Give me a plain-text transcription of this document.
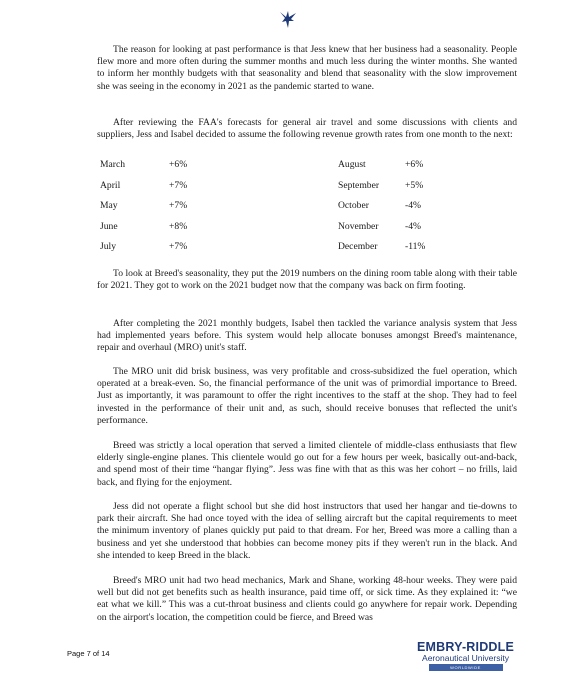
The reason for looking at past performance is that Jess knew that her business had a seasonality. People flew more and more often during the summer months and much less during the winter months. She wanted to inform her monthly budgets with that seasonality and blend that seasonality with the slow improvement she was seeing in the economy in 2021 as the pandemic started to wane.

After reviewing the FAA's forecasts for general air travel and some discussions with clients and suppliers, Jess and Isabel decided to assume the following revenue growth rates from one month to the next:

March	+6%	August	+6%
April	+7%	September	+5%
May	+7%	October	-4%
June	+8%	November	-4%
July	+7%	December	-11%

To look at Breed's seasonality, they put the 2019 numbers on the dining room table along with their table for 2021. They got to work on the 2021 budget now that the company was back on firm footing.

After completing the 2021 monthly budgets, Isabel then tackled the variance analysis system that Jess had implemented years before. This system would help allocate bonuses amongst Breed's maintenance, repair and overhaul (MRO) unit's staff.

The MRO unit did brisk business, was very profitable and cross-subsidized the fuel operation, which operated at a break-even. So, the financial performance of the unit was of primordial importance to Breed. Just as importantly, it was paramount to offer the right incentives to the staff at the shop. They had to feel invested in the performance of their unit and, as such, should receive bonuses that reflected the unit's performance.

Breed was strictly a local operation that served a limited clientele of middle-class enthusiasts that flew elderly single-engine planes. This clientele would go out for a few hours per week, basically out-and-back, and spend most of their time “hangar flying”. Jess was fine with that as this was her cohort – no frills, laid back, and flying for the enjoyment.

Jess did not operate a flight school but she did host instructors that used her hangar and tie-downs to park their aircraft. She had once toyed with the idea of selling aircraft but the capital requirements to meet the minimum inventory of planes quickly put paid to that dream. For her, Breed was more a calling than a business and yet she understood that hobbies can become money pits if they weren't run in the black. And she intended to keep Breed in the black.

Breed's MRO unit had two head mechanics, Mark and Shane, working 48-hour weeks. They were paid well but did not get benefits such as health insurance, paid time off, or sick time. As they explained it: “we eat what we kill.” This was a cut-throat business and clients could go anywhere for repair work. Depending on the airport's location, the competition could be fierce, and Breed was

Page 7 of 14	EMBRY-RIDDLE
Aeronautical University
WORLDWIDE
